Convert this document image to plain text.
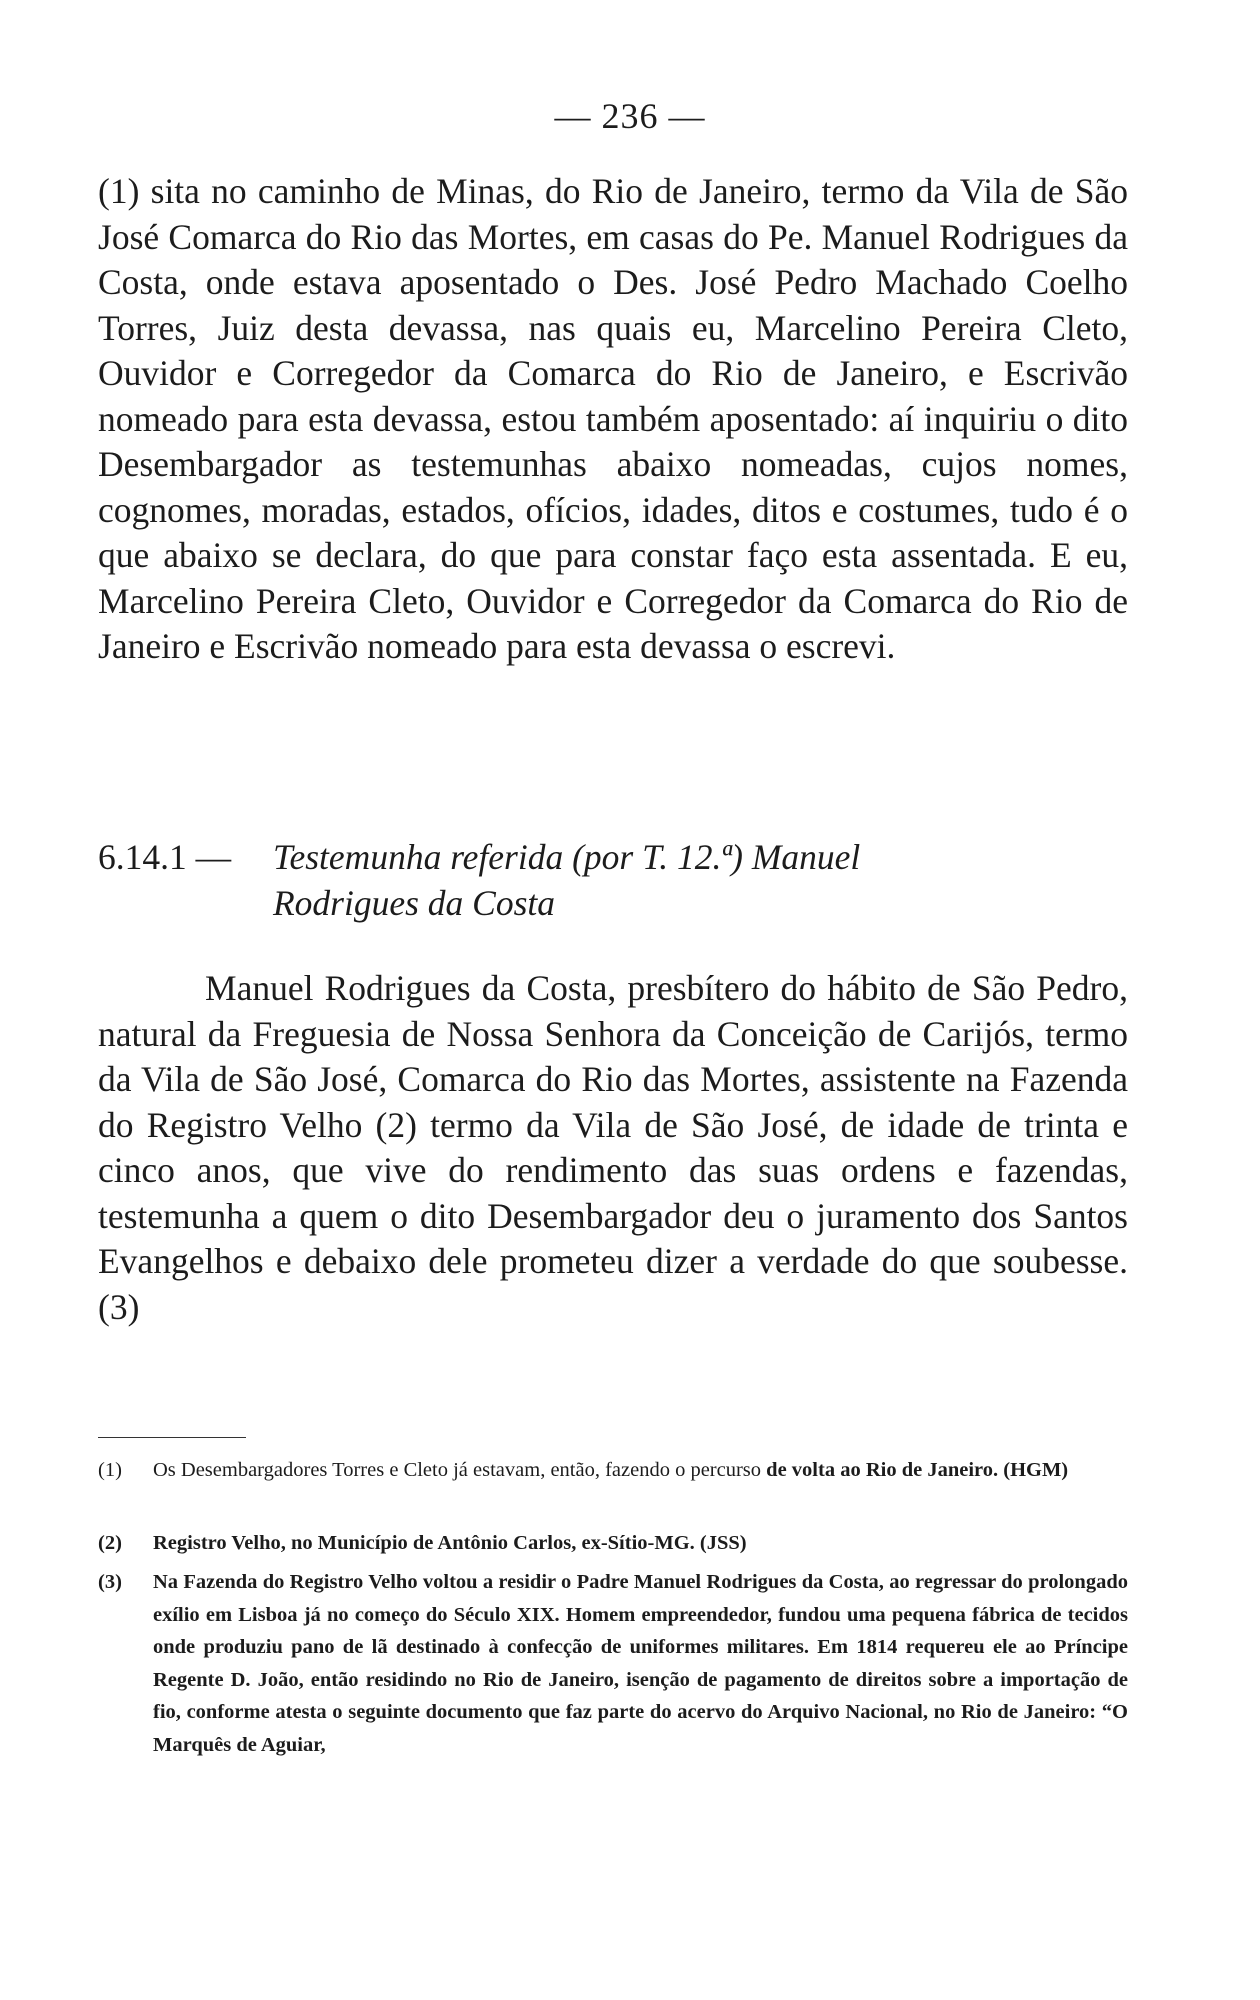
— 236 —

(1) sita no caminho de Minas, do Rio de Janeiro, termo da Vila de São José Comarca do Rio das Mortes, em casas do Pe. Manuel Rodrigues da Costa, onde estava aposentado o Des. José Pedro Machado Coelho Torres, Juiz desta devassa, nas quais eu, Marcelino Pereira Cleto, Ouvidor e Corregedor da Comarca do Rio de Janeiro, e Escrivão nomeado para esta devassa, estou também aposentado: aí inquiriu o dito Desembargador as testemunhas abaixo nomeadas, cujos nomes, cognomes, moradas, estados, ofícios, idades, ditos e costumes, tudo é o que abaixo se declara, do que para constar faço esta assentada. E eu, Marcelino Pereira Cleto, Ouvidor e Corregedor da Comarca do Rio de Janeiro e Escrivão nomeado para esta devassa o escrevi.

6.14.1 — Testemunha referida (por T. 12.ª) Manuel
Rodrigues da Costa

Manuel Rodrigues da Costa, presbítero do hábito de São Pedro, natural da Freguesia de Nossa Senhora da Conceição de Carijós, termo da Vila de São José, Comarca do Rio das Mortes, assistente na Fazenda do Registro Velho (2) termo da Vila de São José, de idade de trinta e cinco anos, que vive do rendimento das suas ordens e fazendas, testemunha a quem o dito Desembargador deu o juramento dos Santos Evangelhos e debaixo dele prometeu dizer a verdade do que soubesse. (3)

(1)	Os Desembargadores Torres e Cleto já estavam, então, fazendo o percurso de volta ao Rio de Janeiro. (HGM)
(2)	Registro Velho, no Município de Antônio Carlos, ex-Sítio-MG. (JSS)
(3)	Na Fazenda do Registro Velho voltou a residir o Padre Manuel Rodrigues da Costa, ao regressar do prolongado exílio em Lisboa já no começo do Século XIX. Homem empreendedor, fundou uma pequena fábrica de tecidos onde produziu pano de lã destinado à confecção de uniformes militares. Em 1814 requereu ele ao Príncipe Regente D. João, então residindo no Rio de Janeiro, isenção de pagamento de direitos sobre a importação de fio, conforme atesta o seguinte documento que faz parte do acervo do Arquivo Nacional, no Rio de Janeiro: “O Marquês de Aguiar,
